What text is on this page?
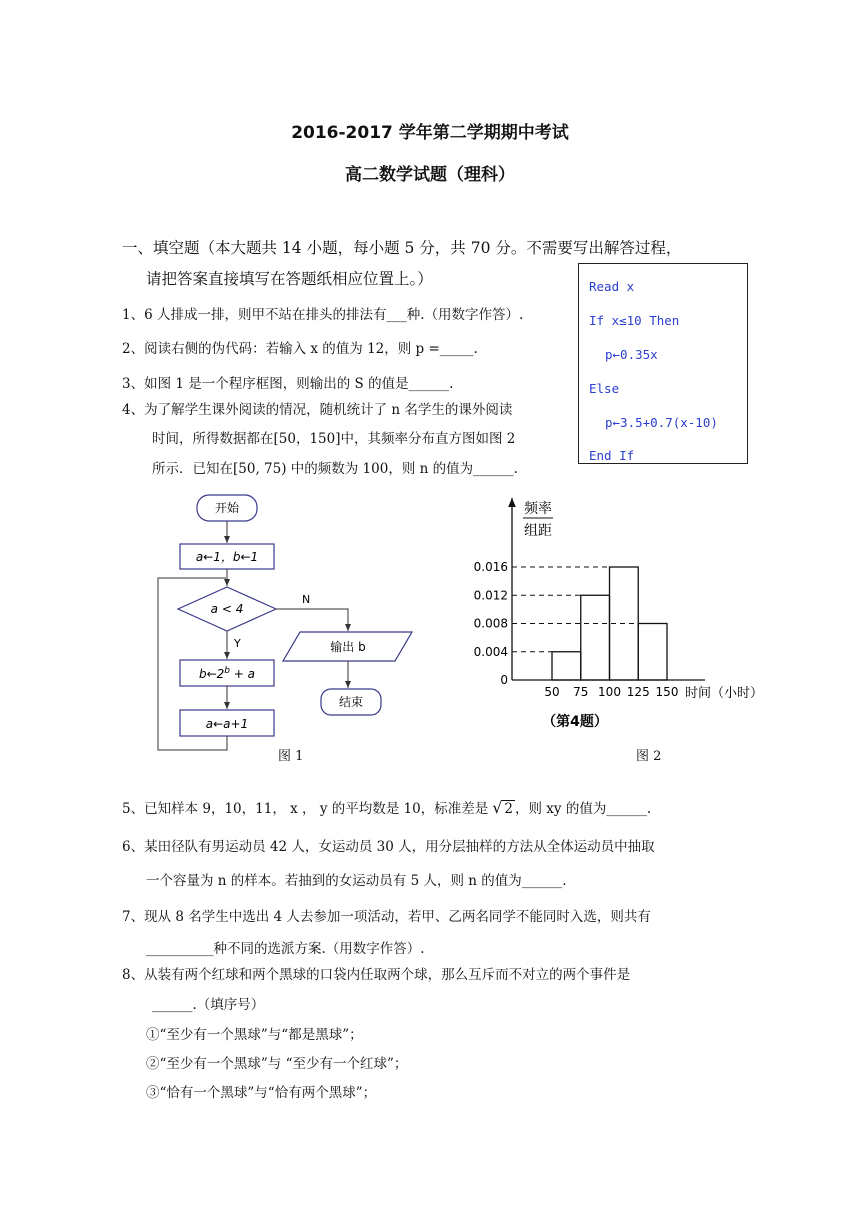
2016-2017 学年第二学期期中考试
高二数学试题（理科）
一、填空题（本大题共 14 小题，每小题 5 分，共 70 分。不需要写出解答过程，
请把答案直接填写在答题纸相应位置上。）
1、6 人排成一排，则甲不站在排头的排法有___种.（用数字作答）.
2、阅读右侧的伪代码：若输入 x 的值为 12，则 p =_____.
3、如图 1 是一个程序框图，则输出的 S 的值是______.
4、为了解学生课外阅读的情况，随机统计了 n 名学生的课外阅读
时间，所得数据都在[50，150]中，其频率分布直方图如图 2
所示．已知在[50, 75) 中的频数为 100，则 n 的值为______.
Read x
If x≤10 Then
p←0.35x
Else
p←3.5+0.7(x-10)
End If
开始
a←1，b←1
a < 4
Y
N
$b\leftarrow 2^b + a$
a←a+1
输出 b
结束
图 1
频率
组距
0
0.004
0.008
0.012
0.016
50 75 100 125 150 时间（小时）
（第4题）
图 2
5、已知样本 9，10，11， x ， y 的平均数是 10，标准差是 √ 2 ，则 xy 的值为______.
6、某田径队有男运动员 42 人，女运动员 30 人，用分层抽样的方法从全体运动员中抽取
一个容量为 n 的样本。若抽到的女运动员有 5 人，则 n 的值为______.
7、现从 8 名学生中选出 4 人去参加一项活动，若甲、乙两名同学不能同时入选，则共有
__________种不同的选派方案.（用数字作答）.
8、从装有两个红球和两个黑球的口袋内任取两个球，那么互斥而不对立的两个事件是
______.（填序号）
①“至少有一个黑球”与“都是黑球”；
②“至少有一个黑球”与 “至少有一个红球”；
③“恰有一个黑球”与“恰有两个黑球”；
